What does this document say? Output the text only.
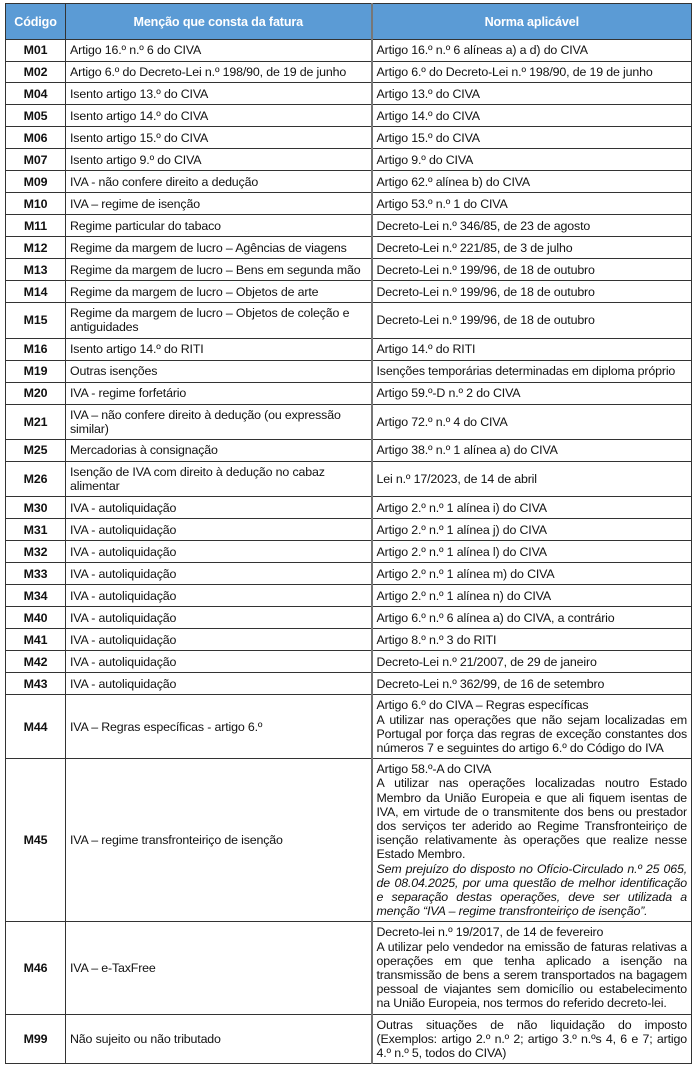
Código	Menção que consta da fatura	Norma aplicável
M01	Artigo 16.º n.º 6 do CIVA	Artigo 16.º n.º 6 alíneas a) a d) do CIVA
M02	Artigo 6.º do Decreto-Lei n.º 198/90, de 19 de junho	Artigo 6.º do Decreto-Lei n.º 198/90, de 19 de junho
M04	Isento artigo 13.º do CIVA	Artigo 13.º do CIVA
M05	Isento artigo 14.º do CIVA	Artigo 14.º do CIVA
M06	Isento artigo 15.º do CIVA	Artigo 15.º do CIVA
M07	Isento artigo 9.º do CIVA	Artigo 9.º do CIVA
M09	IVA - não confere direito a dedução	Artigo 62.º alínea b) do CIVA
M10	IVA – regime de isenção	Artigo 53.º n.º 1 do CIVA
M11	Regime particular do tabaco	Decreto-Lei n.º 346/85, de 23 de agosto
M12	Regime da margem de lucro – Agências de viagens	Decreto-Lei n.º 221/85, de 3 de julho
M13	Regime da margem de lucro – Bens em segunda mão	Decreto-Lei n.º 199/96, de 18 de outubro
M14	Regime da margem de lucro – Objetos de arte	Decreto-Lei n.º 199/96, de 18 de outubro
M15	Regime da margem de lucro – Objetos de coleção e antiguidades	Decreto-Lei n.º 199/96, de 18 de outubro
M16	Isento artigo 14.º do RITI	Artigo 14.º do RITI
M19	Outras isenções	Isenções temporárias determinadas em diploma próprio
M20	IVA - regime forfetário	Artigo 59.º-D n.º 2 do CIVA
M21	IVA – não confere direito à dedução (ou expressão similar)	Artigo 72.º n.º 4 do CIVA
M25	Mercadorias à consignação	Artigo 38.º n.º 1 alínea a) do CIVA
M26	Isenção de IVA com direito à dedução no cabaz alimentar	Lei n.º 17/2023, de 14 de abril
M30	IVA - autoliquidação	Artigo 2.º n.º 1 alínea i) do CIVA
M31	IVA - autoliquidação	Artigo 2.º n.º 1 alínea j) do CIVA
M32	IVA - autoliquidação	Artigo 2.º n.º 1 alínea l) do CIVA
M33	IVA - autoliquidação	Artigo 2.º n.º 1 alínea m) do CIVA
M34	IVA - autoliquidação	Artigo 2.º n.º 1 alínea n) do CIVA
M40	IVA - autoliquidação	Artigo 6.º n.º 6 alínea a) do CIVA, a contrário
M41	IVA - autoliquidação	Artigo 8.º n.º 3 do RITI
M42	IVA - autoliquidação	Decreto-Lei n.º 21/2007, de 29 de janeiro
M43	IVA - autoliquidação	Decreto-Lei n.º 362/99, de 16 de setembro
M44	IVA – Regras específicas - artigo 6.º	Artigo 6.º do CIVA – Regras específicas
A utilizar nas operações que não sejam localizadas em Portugal por força das regras de exceção constantes dos números 7 e seguintes do artigo 6.º do Código do IVA

M45	IVA – regime transfronteiriço de isenção	Artigo 58.º-A do CIVA
A utilizar nas operações localizadas noutro Estado Membro da União Europeia e que ali fiquem isentas de IVA, em virtude de o transmitente dos bens ou prestador dos serviços ter aderido ao Regime Transfronteiriço de isenção relativamente às operações que realize nesse Estado Membro.
Sem prejuízo do disposto no Ofício-Circulado n.º 25 065, de 08.04.2025, por uma questão de melhor identificação e separação destas operações, deve ser utilizada a menção “IVA – regime transfronteiriço de isenção”.

M46	IVA – e-TaxFree	Decreto-lei n.º 19/2017, de 14 de fevereiro
A utilizar pelo vendedor na emissão de faturas relativas a operações em que tenha aplicado a isenção na transmissão de bens a serem transportados na bagagem pessoal de viajantes sem domicílio ou estabelecimento na União Europeia, nos termos do referido decreto-lei.

M99	Não sujeito ou não tributado	Outras situações de não liquidação do imposto (Exemplos: artigo 2.º n.º 2; artigo 3.º n.ºs 4, 6 e 7; artigo 4.º n.º 5, todos do CIVA)
